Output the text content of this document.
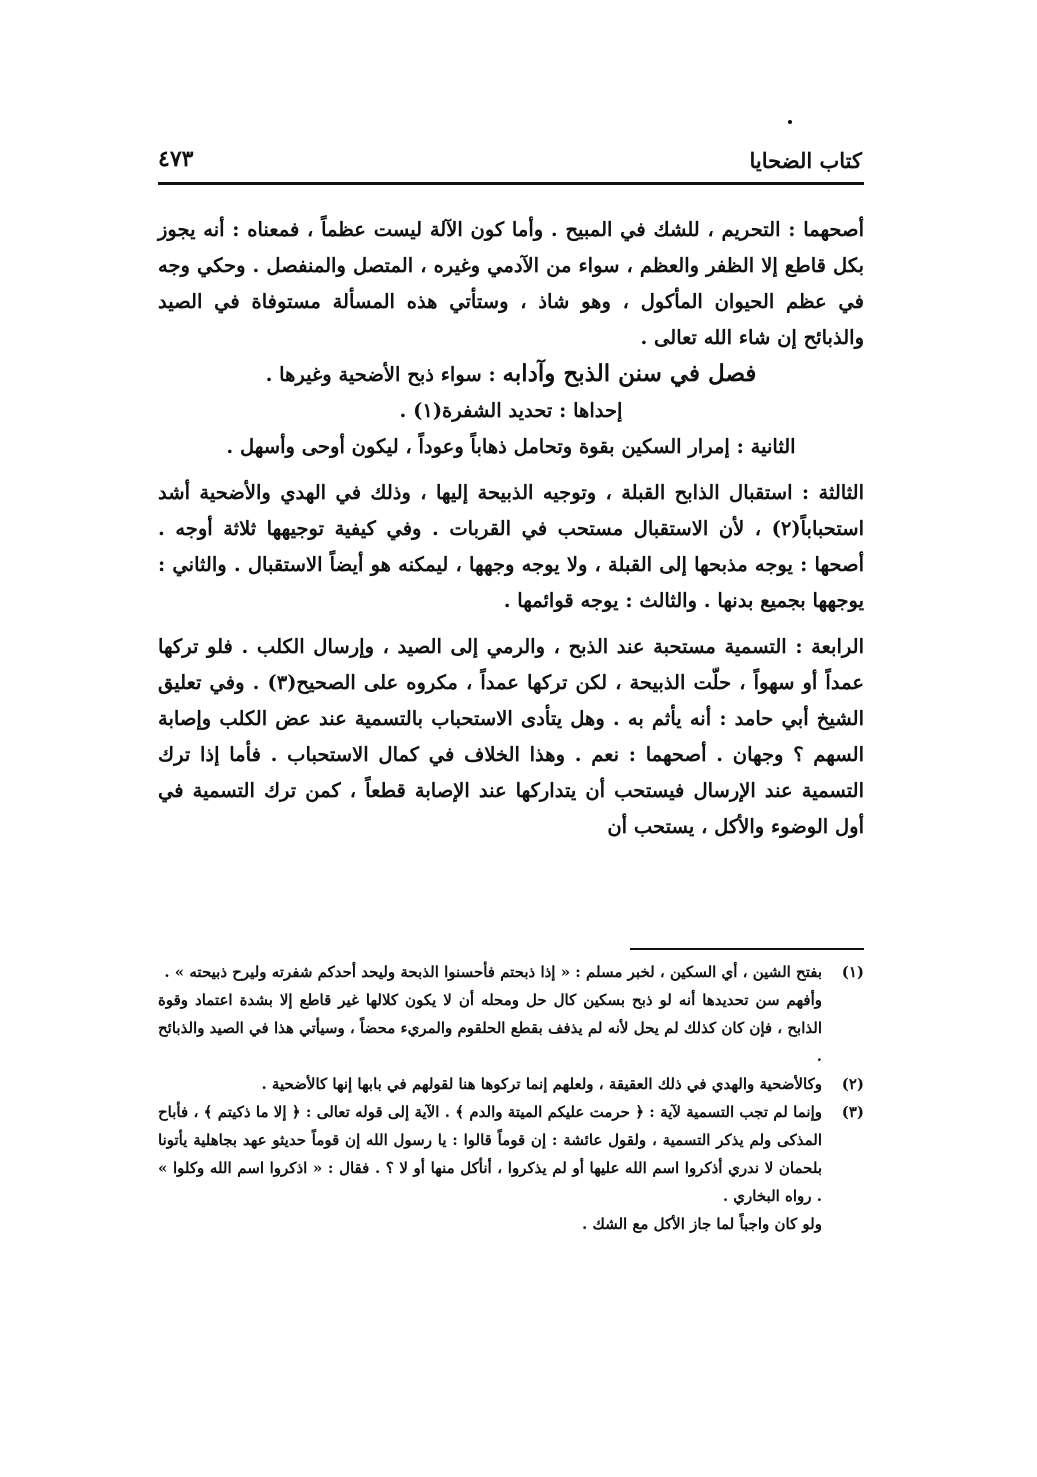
كتاب الضحايا
٤٧٣

أصحهما : التحريم ، للشك في المبيح . وأما كون الآلة ليست عظماً ، فمعناه : أنه يجوز بكل قاطع إلا الظفر والعظم ، سواء من الآدمي وغيره ، المتصل والمنفصل . وحكي وجه في عظم الحيوان المأكول ، وهو شاذ ، وستأتي هذه المسألة مستوفاة في الصيد والذبائح إن شاء الله تعالى .

فصل في سنن الذبح وآدابه : سواء ذبح الأضحية وغيرها .

إحداها : تحديد الشفرة(١) .

الثانية : إمرار السكين بقوة وتحامل ذهاباً وعوداً ، ليكون أوحى وأسهل .

الثالثة : استقبال الذابح القبلة ، وتوجيه الذبيحة إليها ، وذلك في الهدي والأضحية أشد استحباباً(٢) ، لأن الاستقبال مستحب في القربات . وفي كيفية توجيهها ثلاثة أوجه . أصحها : يوجه مذبحها إلى القبلة ، ولا يوجه وجهها ، ليمكنه هو أيضاً الاستقبال . والثاني : يوجهها بجميع بدنها . والثالث : يوجه قوائمها .

الرابعة : التسمية مستحبة عند الذبح ، والرمي إلى الصيد ، وإرسال الكلب . فلو تركها عمداً أو سهواً ، حلّت الذبيحة ، لكن تركها عمداً ، مكروه على الصحيح(٣) . وفي تعليق الشيخ أبي حامد : أنه يأثم به . وهل يتأدى الاستحباب بالتسمية عند عض الكلب وإصابة السهم ؟ وجهان . أصحهما : نعم . وهذا الخلاف في كمال الاستحباب . فأما إذا ترك التسمية عند الإرسال فيستحب أن يتداركها عند الإصابة قطعاً ، كمن ترك التسمية في أول الوضوء والأكل ، يستحب أن

(١)
بفتح الشين ، أي السكين ، لخبر مسلم : « إذا ذبحتم فأحسنوا الذبحة وليحد أحدكم شفرته وليرح ذبيحته » .
وأفهم سن تحديدها أنه لو ذبح بسكين كال حل ومحله أن لا يكون كلالها غير قاطع إلا بشدة اعتماد وقوة الذابح ، فإن كان كذلك لم يحل لأنه لم يذفف بقطع الحلقوم والمريء محضاً ، وسيأتي هذا في الصيد والذبائح .
(٢)
وكالأضحية والهدي في ذلك العقيقة ، ولعلهم إنما تركوها هنا لقولهم في بابها إنها كالأضحية .
(٣)
وإنما لم تجب التسمية لآية : ﴿ حرمت عليكم الميتة والدم ﴾ . الآية إلى قوله تعالى : ﴿ إلا ما ذكيتم ﴾ ، فأباح المذكى ولم يذكر التسمية ، ولقول عائشة : إن قوماً قالوا : يا رسول الله إن قوماً حديثو عهد بجاهلية يأتونا بلحمان لا ندري أذكروا اسم الله عليها أو لم يذكروا ، أنأكل منها أو لا ؟ . فقال : « اذكروا اسم الله وكلوا » . رواه البخاري .
ولو كان واجباً لما جاز الأكل مع الشك .
